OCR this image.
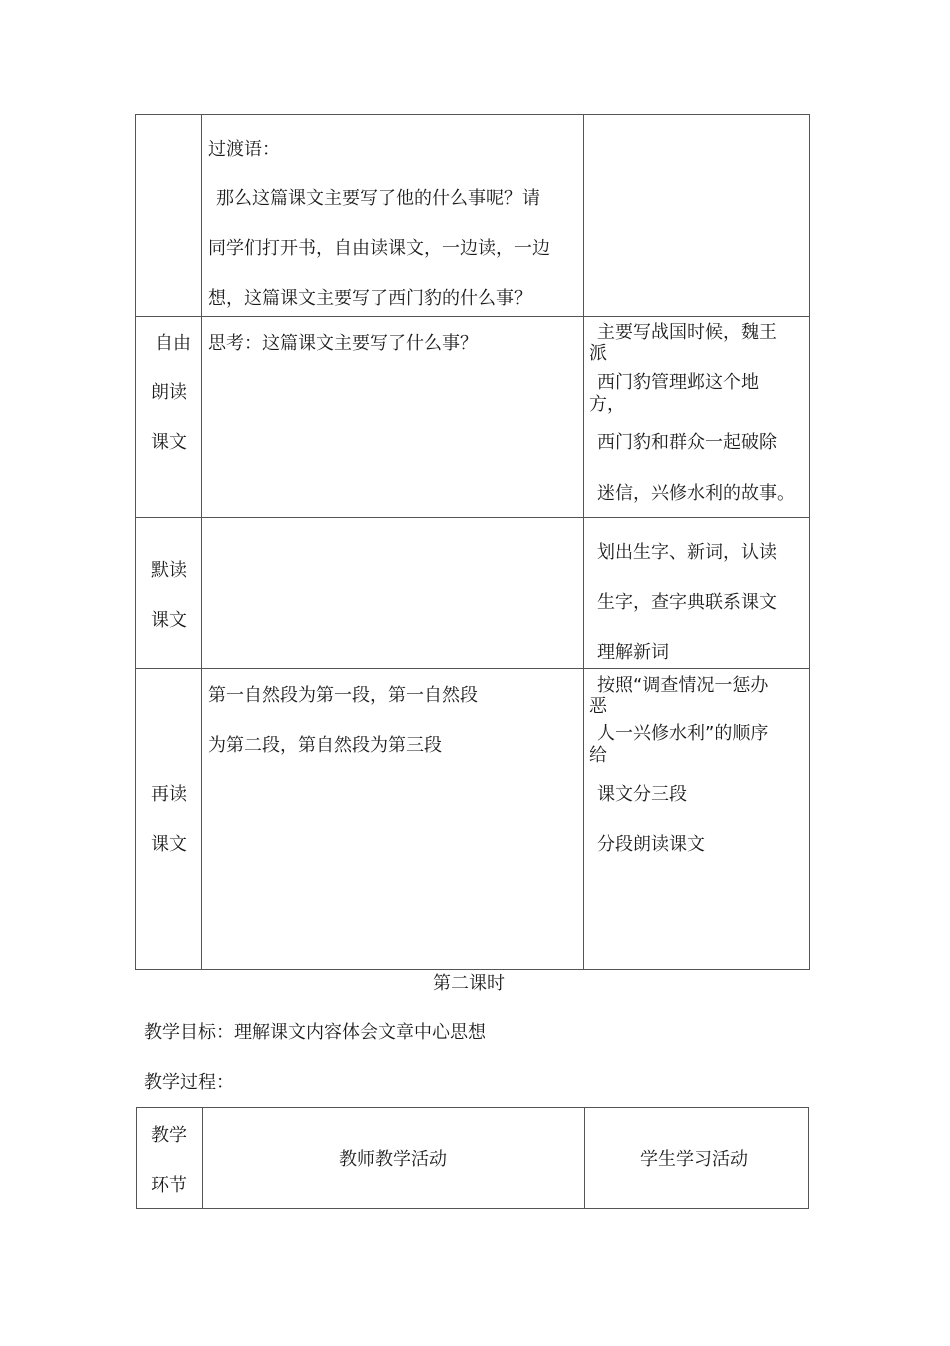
过渡语：
那么这篇课文主要写了他的什么事呢？请
同学们打开书，自由读课文，一边读，一边
想，这篇课文主要写了西门豹的什么事？
自由
朗读
课文
思考：这篇课文主要写了什么事？
主要写战国时候，魏王
派
西门豹管理邺这个地
方，
西门豹和群众一起破除
迷信，兴修水利的故事。
默读
课文
划出生字、新词，认读
生字，查字典联系课文
理解新词
再读
课文
第一自然段为第一段，第一自然段
为第二段，第自然段为第三段
按照“调查情况一惩办
恶
人一兴修水利”的顺序
给
课文分三段
分段朗读课文
第二课时
教学目标：理解课文内容体会文章中心思想
教学过程：
教学
环节
教师教学活动	学生学习活动
